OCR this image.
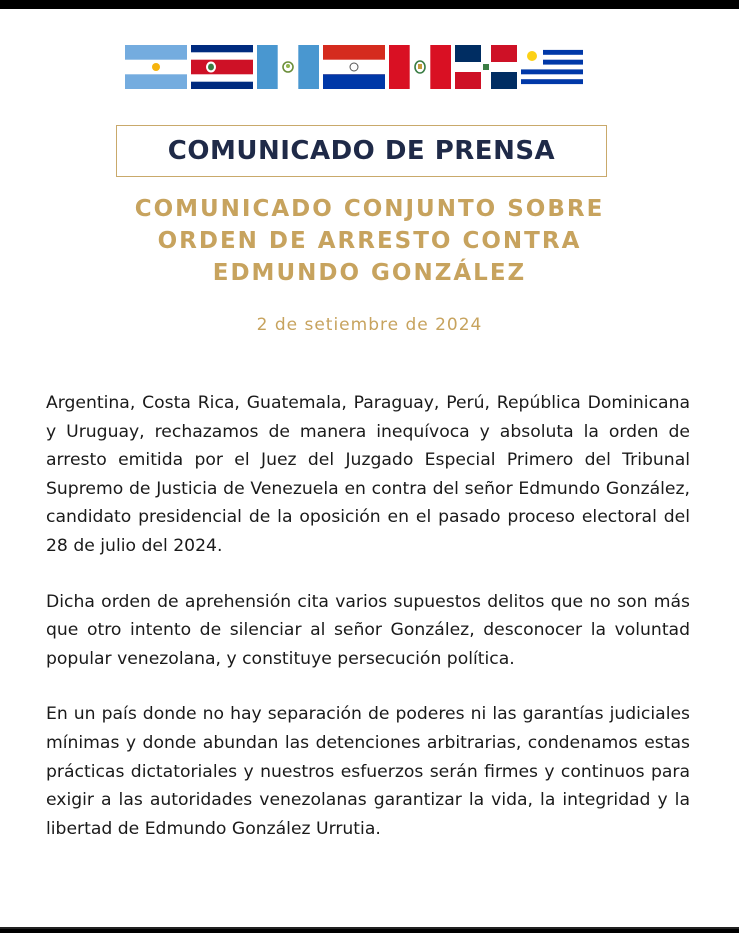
COMUNICADO DE PRENSA
COMUNICADO CONJUNTO SOBRE
ORDEN DE ARRESTO CONTRA
EDMUNDO GONZÁLEZ
2 de setiembre de 2024

Argentina, Costa Rica, Guatemala, Paraguay, Perú, República Dominicana y Uruguay, rechazamos de manera inequívoca y absoluta la orden de arresto emitida por el Juez del Juzgado Especial Primero del Tribunal Supremo de Justicia de Venezuela en contra del señor Edmundo González, candidato presidencial de la oposición en el pasado proceso electoral del 28 de julio del 2024.

Dicha orden de aprehensión cita varios supuestos delitos que no son más que otro intento de silenciar al señor González, desconocer la voluntad popular venezolana, y constituye persecución política.

En un país donde no hay separación de poderes ni las garantías judiciales mínimas y donde abundan las detenciones arbitrarias, condenamos estas prácticas dictatoriales y nuestros esfuerzos serán firmes y continuos para exigir a las autoridades venezolanas garantizar la vida, la integridad y la libertad de Edmundo González Urrutia.
